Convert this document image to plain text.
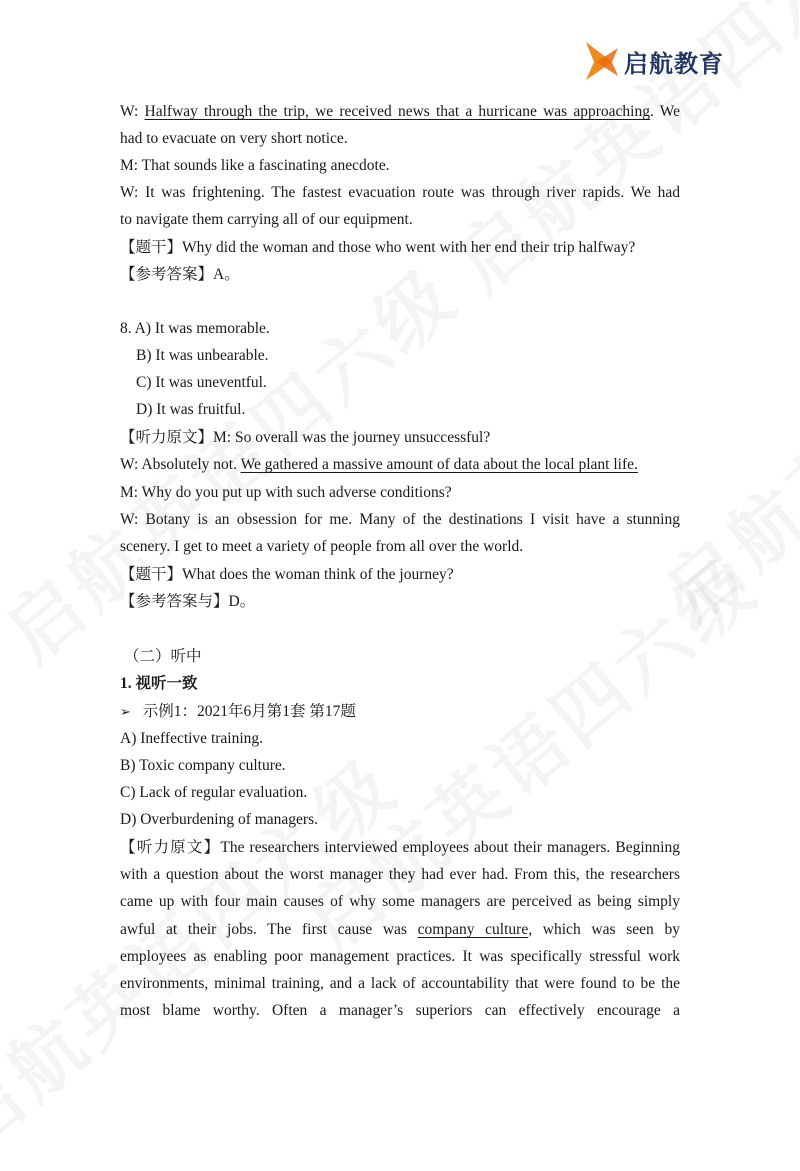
启航教育
W: Halfway through the trip, we received news that a hurricane was approaching. We
had to evacuate on very short notice.
M: That sounds like a fascinating anecdote.
W: It was frightening. The fastest evacuation route was through river rapids. We had
to navigate them carrying all of our equipment.
【题干】Why did the woman and those who went with her end their trip halfway?
【参考答案】A。
8. A) It was memorable.
B) It was unbearable.
C) It was uneventful.
D) It was fruitful.
【听力原文】M: So overall was the journey unsuccessful?
W: Absolutely not. We gathered a massive amount of data about the local plant life.
M: Why do you put up with such adverse conditions?
W: Botany is an obsession for me. Many of the destinations I visit have a stunning
scenery. I get to meet a variety of people from all over the world.
【题干】What does the woman think of the journey?
【参考答案与】D。
（二）听中
1. 视听一致
➢ 示例1：2021年6月第1套 第17题
A) Ineffective training.
B) Toxic company culture.
C) Lack of regular evaluation.
D) Overburdening of managers.
【听力原文】The researchers interviewed employees about their managers. Beginning
with a question about the worst manager they had ever had. From this, the researchers
came up with four main causes of why some managers are perceived as being simply
awful at their jobs. The first cause was company culture, which was seen by
employees as enabling poor management practices. It was specifically stressful work
environments, minimal training, and a lack of accountability that were found to be the
most blame worthy. Often a manager’s superiors can effectively encourage a
